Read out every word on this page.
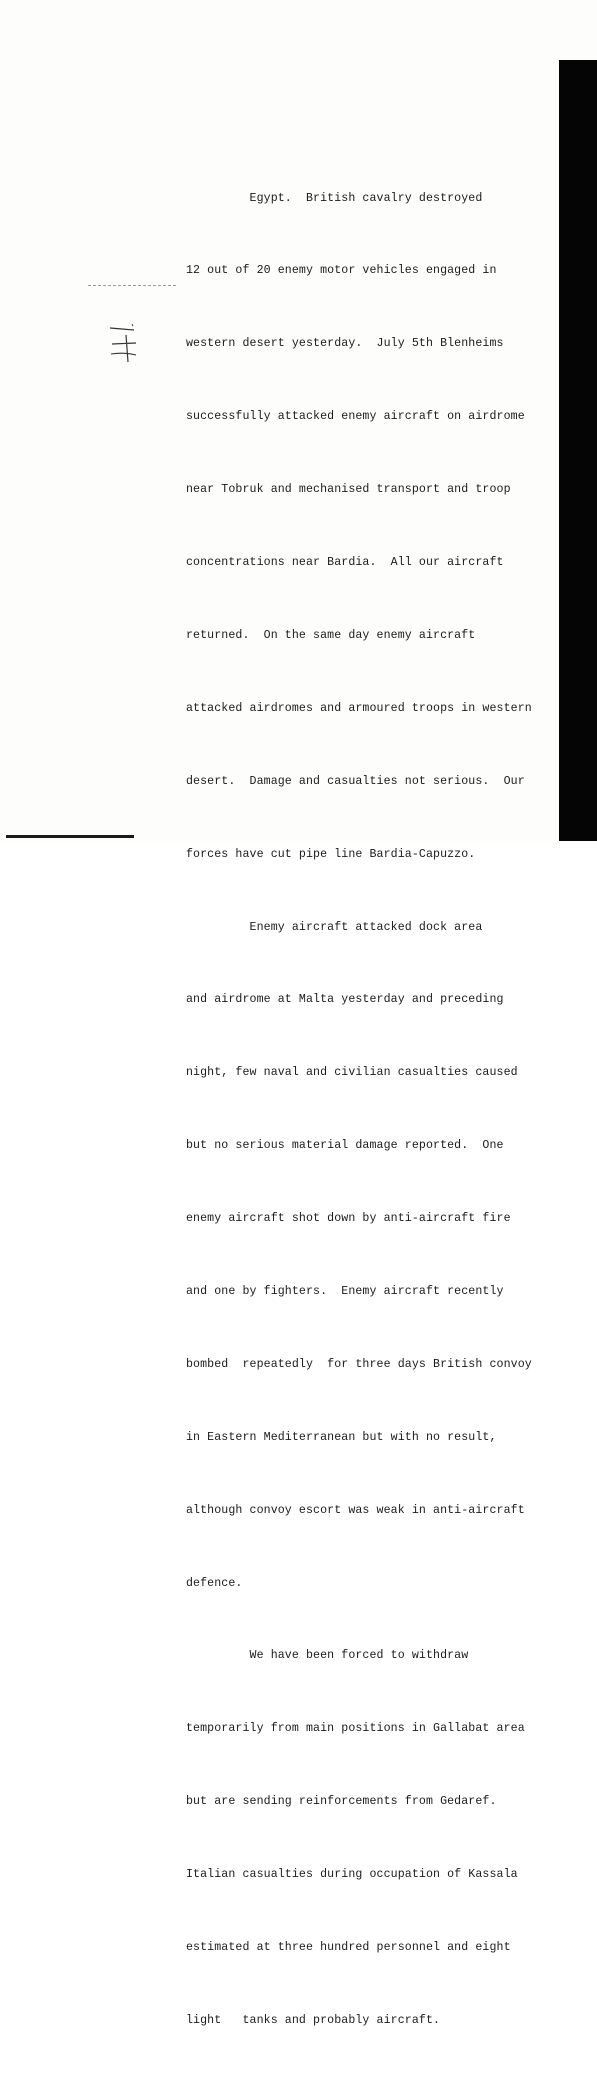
Egypt.  British cavalry destroyed

12 out of 20 enemy motor vehicles engaged in

western desert yesterday.  July 5th Blenheims

successfully attacked enemy aircraft on airdrome

near Tobruk and mechanised transport and troop

concentrations near Bardia.  All our aircraft

returned.  On the same day enemy aircraft

attacked airdromes and armoured troops in western

desert.  Damage and casualties not serious.  Our

forces have cut pipe line Bardia-Capuzzo.

Enemy aircraft attacked dock area

and airdrome at Malta yesterday and preceding

night, few naval and civilian casualties caused

but no serious material damage reported.  One

enemy aircraft shot down by anti-aircraft fire

and one by fighters.  Enemy aircraft recently

bombed  repeatedly  for three days British convoy

in Eastern Mediterranean but with no result,

although convoy escort was weak in anti-aircraft

defence.

We have been forced to withdraw

temporarily from main positions in Gallabat area

but are sending reinforcements from Gedaref.

Italian casualties during occupation of Kassala

estimated at three hundred personnel and eight

light   tanks and probably aircraft.
